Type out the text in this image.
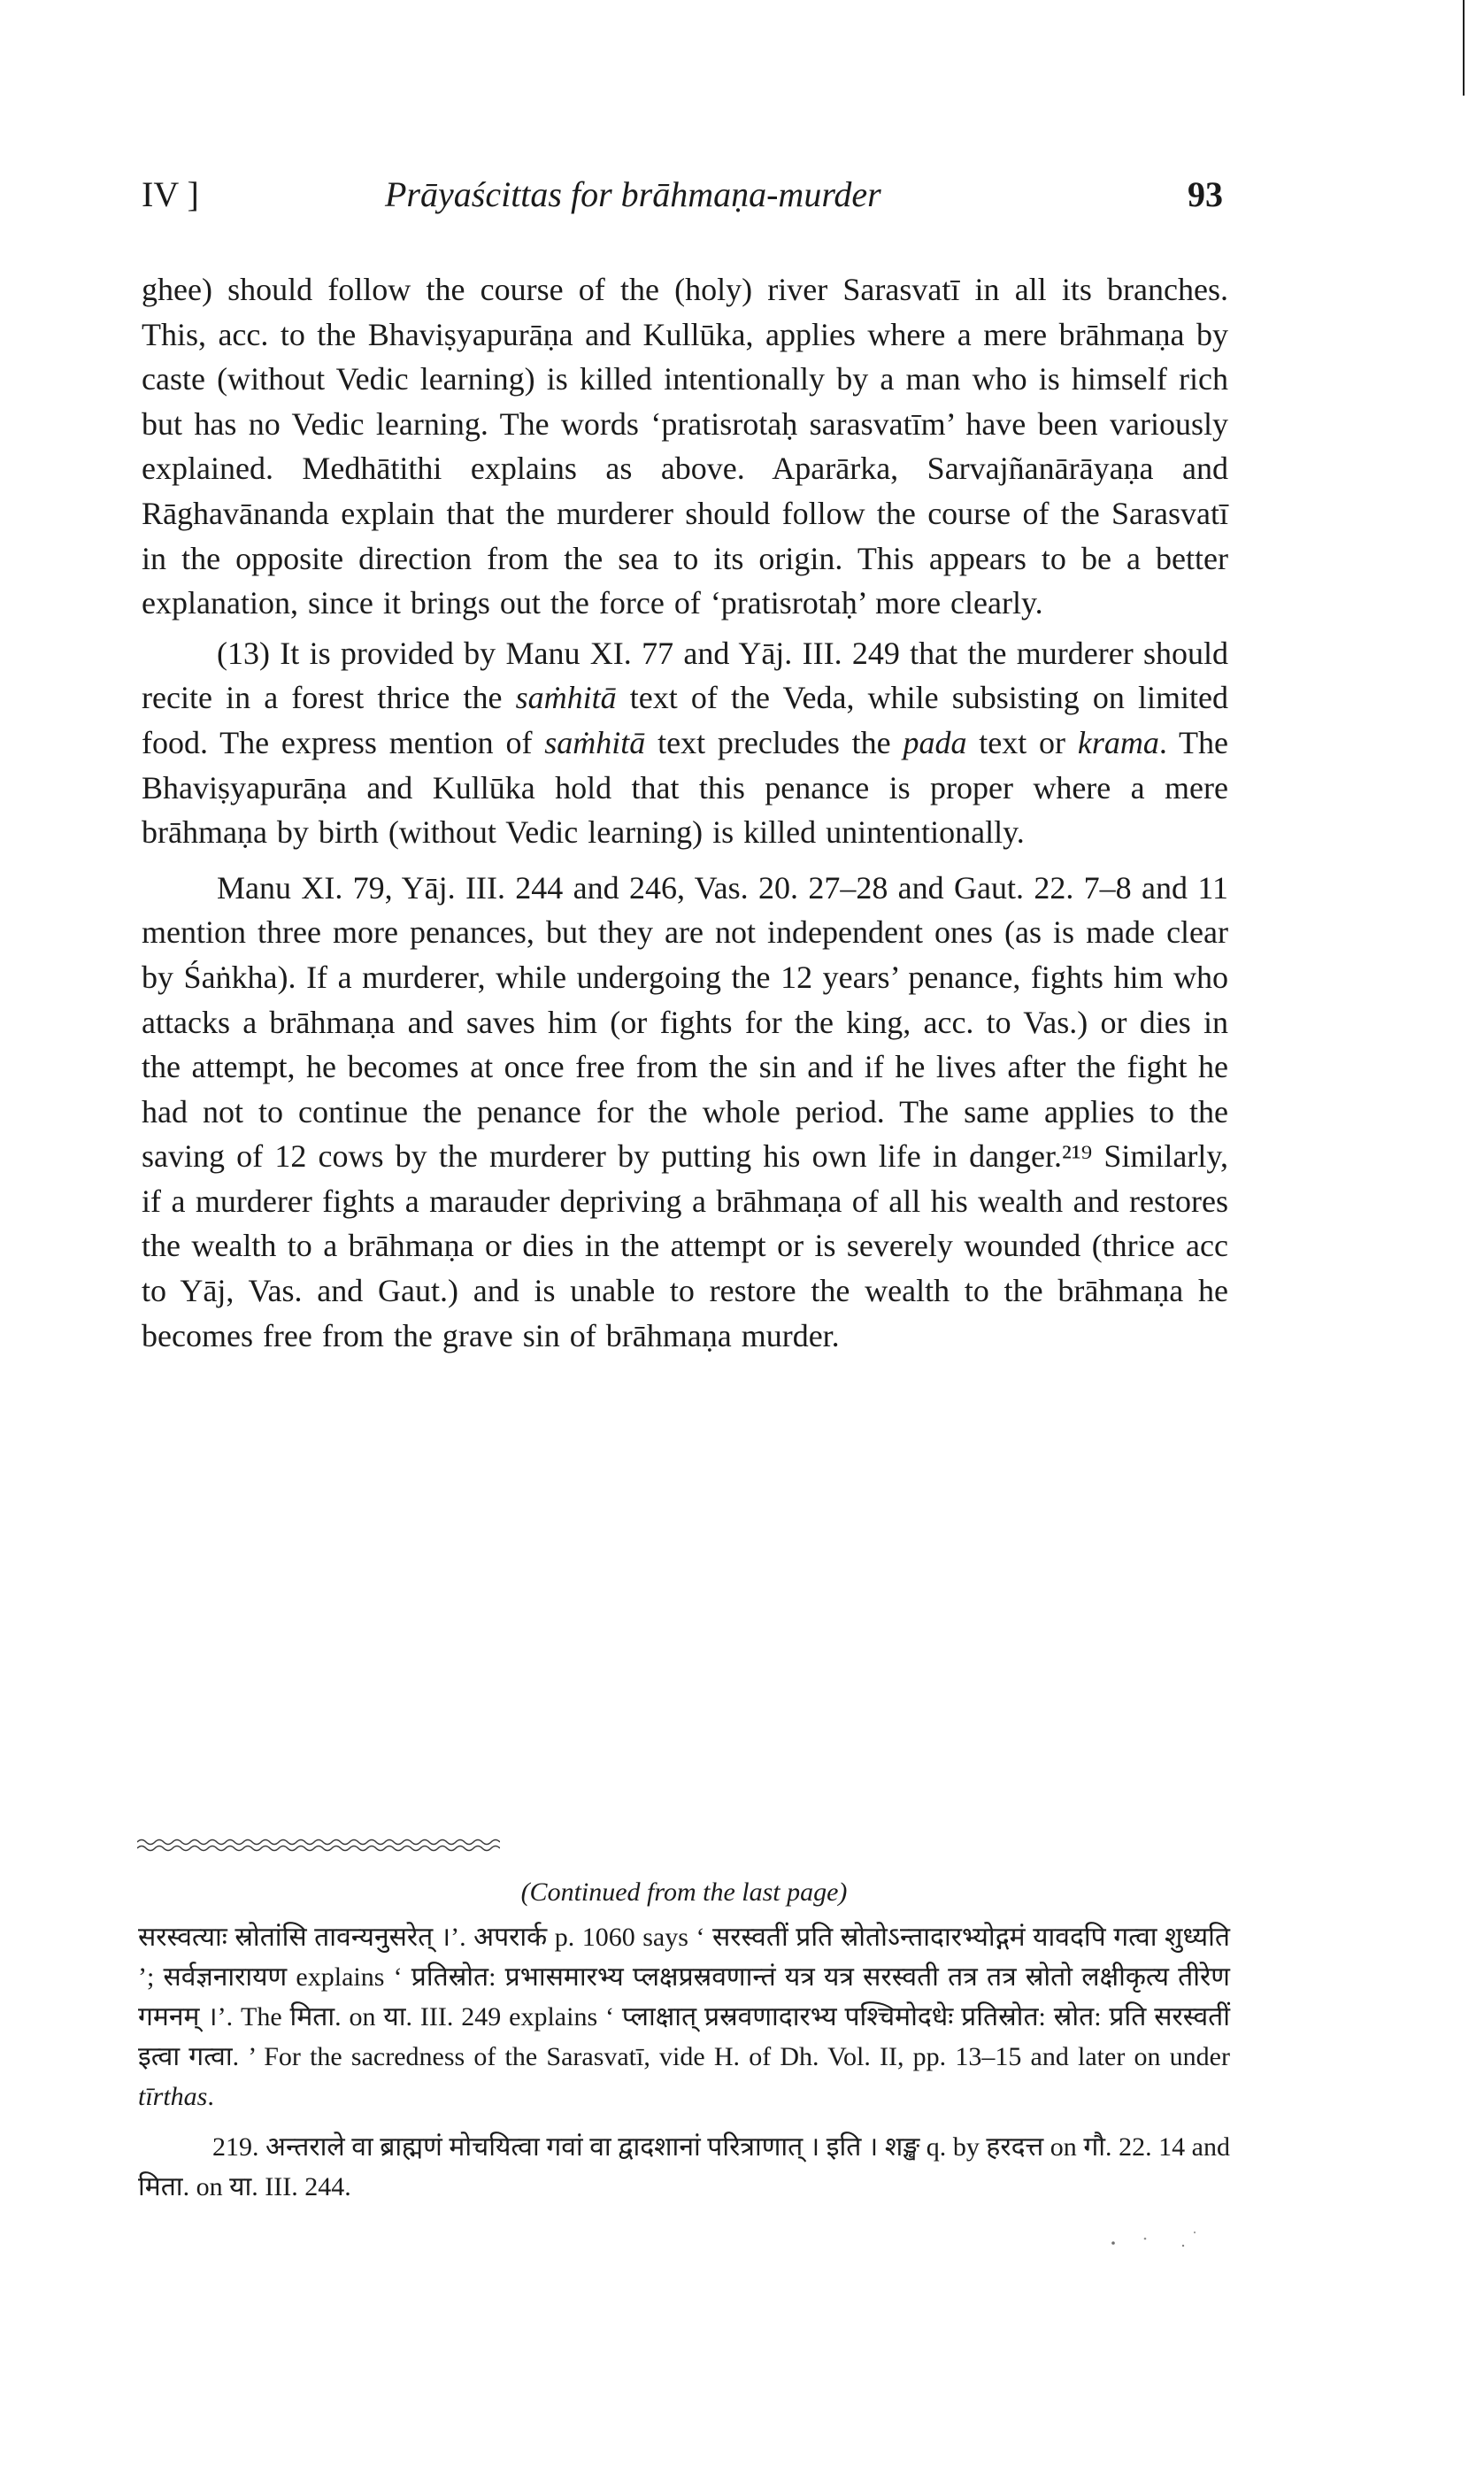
IV ]	Prāyaścittas for brāhmaṇa-murder	93

ghee) should follow the course of the (holy) river Sarasvatī in all its branches. This, acc. to the Bhaviṣyapurāṇa and Kullūka, applies where a mere brāhmaṇa by caste (without Vedic learning) is killed intentionally by a man who is himself rich but has no Vedic learning. The words ‘pratisrotaḥ sarasvatīm’ have been variously explained. Medhātithi explains as above. Aparārka, Sarvajñanārāyaṇa and Rāghavānanda explain that the murderer should follow the course of the Sarasvatī in the opposite direction from the sea to its origin. This appears to be a better explanation, since it brings out the force of ‘pratisrotaḥ’ more clearly.

(13) It is provided by Manu XI. 77 and Yāj. III. 249 that the murderer should recite in a forest thrice the saṁhitā text of the Veda, while subsisting on limited food. The express mention of saṁhitā text precludes the pada text or krama. The Bhaviṣyapurāṇa and Kullūka hold that this penance is proper where a mere brāhmaṇa by birth (without Vedic learning) is killed unintentionally.

Manu XI. 79, Yāj. III. 244 and 246, Vas. 20. 27–28 and Gaut. 22. 7–8 and 11 mention three more penances, but they are not independent ones (as is made clear by Śaṅkha). If a murderer, while undergoing the 12 years’ penance, fights him who attacks a brāhmaṇa and saves him (or fights for the king, acc. to Vas.) or dies in the attempt, he becomes at once free from the sin and if he lives after the fight he had not to continue the penance for the whole period. The same applies to the saving of 12 cows by the murderer by putting his own life in danger.²¹⁹ Similarly, if a murderer fights a marauder depriving a brāhmaṇa of all his wealth and restores the wealth to a brāhmaṇa or dies in the attempt or is severely wounded (thrice acc to Yāj, Vas. and Gaut.) and is unable to restore the wealth to the brāhmaṇa he becomes free from the grave sin of brāhmaṇa murder.

(Continued from the last page)

सरस्वत्याः स्रोतांसि तावन्यनुसरेत् ।’. अपरार्क p. 1060 says ‘ सरस्वतीं प्रति स्रोतोऽन्तादारभ्योद्गमं यावदपि गत्वा शुध्यति ’; सर्वज्ञनारायण explains ‘ प्रतिस्रोत: प्रभासमारभ्य प्लक्षप्रस्रवणान्तं यत्र यत्र सरस्वती तत्र तत्र स्रोतो लक्षीकृत्य तीरेण गमनम् ।’. The मिता. on या. III. 249 explains ‘ प्लाक्षात् प्रस्रवणादारभ्य पश्चिमोदधेः प्रतिस्रोत: स्रोत: प्रति सरस्वतीं इत्वा गत्वा. ’ For the sacredness of the Sarasvatī, vide H. of Dh. Vol. II, pp. 13–15 and later on under tīrthas.

219. अन्तराले वा ब्राह्मणं मोचयित्वा गवां वा द्वादशानां परित्राणात् । इति । शङ्ख q. by हरदत्त on गौ. 22. 14 and मिता. on या. III. 244.
